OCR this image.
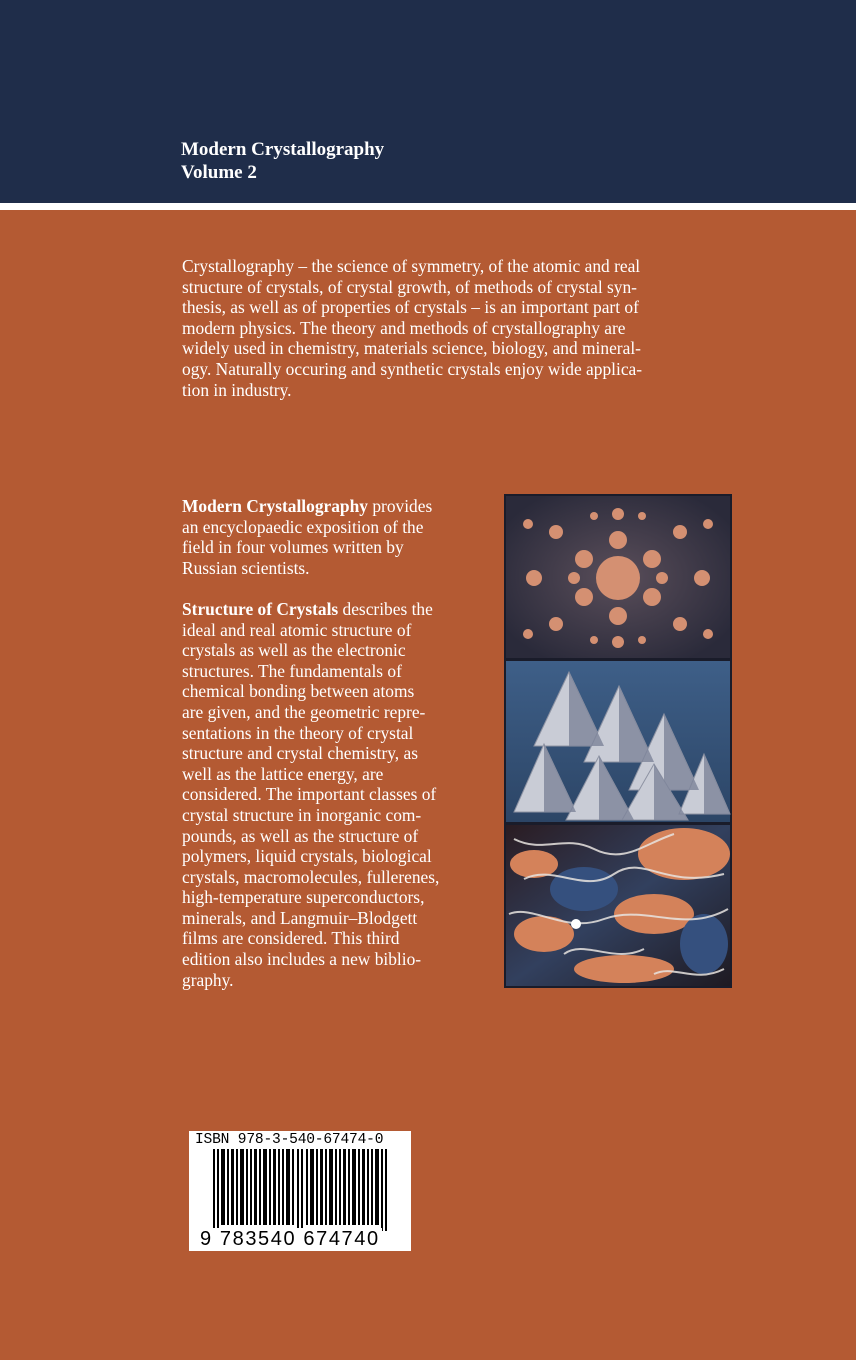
Modern Crystallography
Volume 2
Crystallography – the science of symmetry, of the atomic and real
structure of crystals, of crystal growth, of methods of crystal syn-
thesis, as well as of properties of crystals – is an important part of
modern physics. The theory and methods of crystallography are
widely used in chemistry, materials science, biology, and mineral-
ogy. Naturally occuring and synthetic crystals enjoy wide applica-
tion in industry.

Modern Crystallography provides
an encyclopaedic exposition of the
field in four volumes written by
Russian scientists.

Structure of Crystals describes the
ideal and real atomic structure of
crystals as well as the electronic
structures. The fundamentals of
chemical bonding between atoms
are given, and the geometric repre-
sentations in the theory of crystal
structure and crystal chemistry, as
well as the lattice energy, are
considered. The important classes of
crystal structure in inorganic com-
pounds, as well as the structure of
polymers, liquid crystals, biological
crystals, macromolecules, fullerenes,
high-temperature superconductors,
minerals, and Langmuir–Blodgett
films are considered. This third
edition also includes a new biblio-
graphy.

ISBN 978-3-540-67474-0
9 783540 674740
